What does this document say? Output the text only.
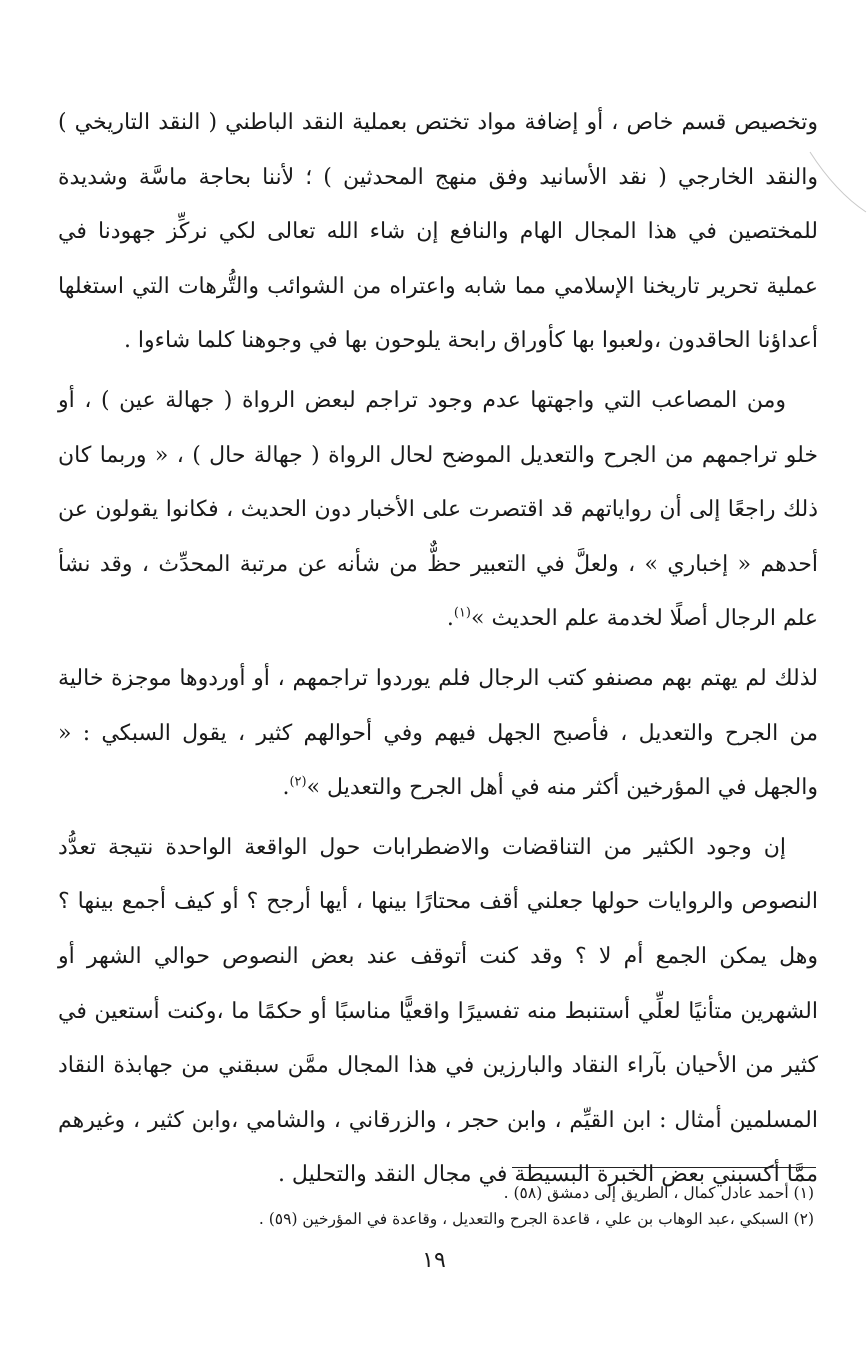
وتخصيص قسم خاص ، أو إضافة مواد تختص بعملية النقد الباطني ( النقد التاريخي ) والنقد الخارجي ( نقد الأسانيد وفق منهج المحدثين ) ؛ لأننا بحاجة ماسَّة وشديدة للمختصين في هذا المجال الهام والنافع إن شاء الله تعالى لكي نركِّز جهودنا في عملية تحرير تاريخنا الإسلامي مما شابه واعتراه من الشوائب والتُّرهات التي استغلها أعداؤنا الحاقدون ،ولعبوا بها كأوراق رابحة يلوحون بها في وجوهنا كلما شاءوا .

ومن المصاعب التي واجهتها عدم وجود تراجم لبعض الرواة ( جهالة عين ) ، أو خلو تراجمهم من الجرح والتعديل الموضح لحال الرواة ( جهالة حال ) ، « وربما كان ذلك راجعًا إلى أن رواياتهم قد اقتصرت على الأخبار دون الحديث ، فكانوا يقولون عن أحدهم « إخباري » ، ولعلَّ في التعبير حظٌّ من شأنه عن مرتبة المحدِّث ، وقد نشأ علم الرجال أصلًا لخدمة علم الحديث »$^{(١)}$.

لذلك لم يهتم بهم مصنفو كتب الرجال فلم يوردوا تراجمهم ، أو أوردوها موجزة خالية من الجرح والتعديل ، فأصبح الجهل فيهم وفي أحوالهم كثير ، يقول السبكي : « والجهل في المؤرخين أكثر منه في أهل الجرح والتعديل »$^{(٢)}$.

إن وجود الكثير من التناقضات والاضطرابات حول الواقعة الواحدة نتيجة تعدُّد النصوص والروايات حولها جعلني أقف محتارًا بينها ، أيها أرجح ؟ أو كيف أجمع بينها ؟ وهل يمكن الجمع أم لا ؟ وقد كنت أتوقف عند بعض النصوص حوالي الشهر أو الشهرين متأنيًا لعلِّي أستنبط منه تفسيرًا واقعيًّا مناسبًا أو حكمًا ما ،وكنت أستعين في كثير من الأحيان بآراء النقاد والبارزين في هذا المجال ممَّن سبقني من جهابذة النقاد المسلمين أمثال : ابن القيِّم ، وابن حجر ، والزرقاني ، والشامي ،وابن كثير ، وغيرهم ممَّا أكسبني بعض الخبرة البسيطة في مجال النقد والتحليل .

(١) أحمد عادل كمال ، الطريق إلى دمشق (٥٨) .
(٢) السبكي ،عبد الوهاب بن علي ، قاعدة الجرح والتعديل ، وقاعدة في المؤرخين (٥٩) .
١٩
